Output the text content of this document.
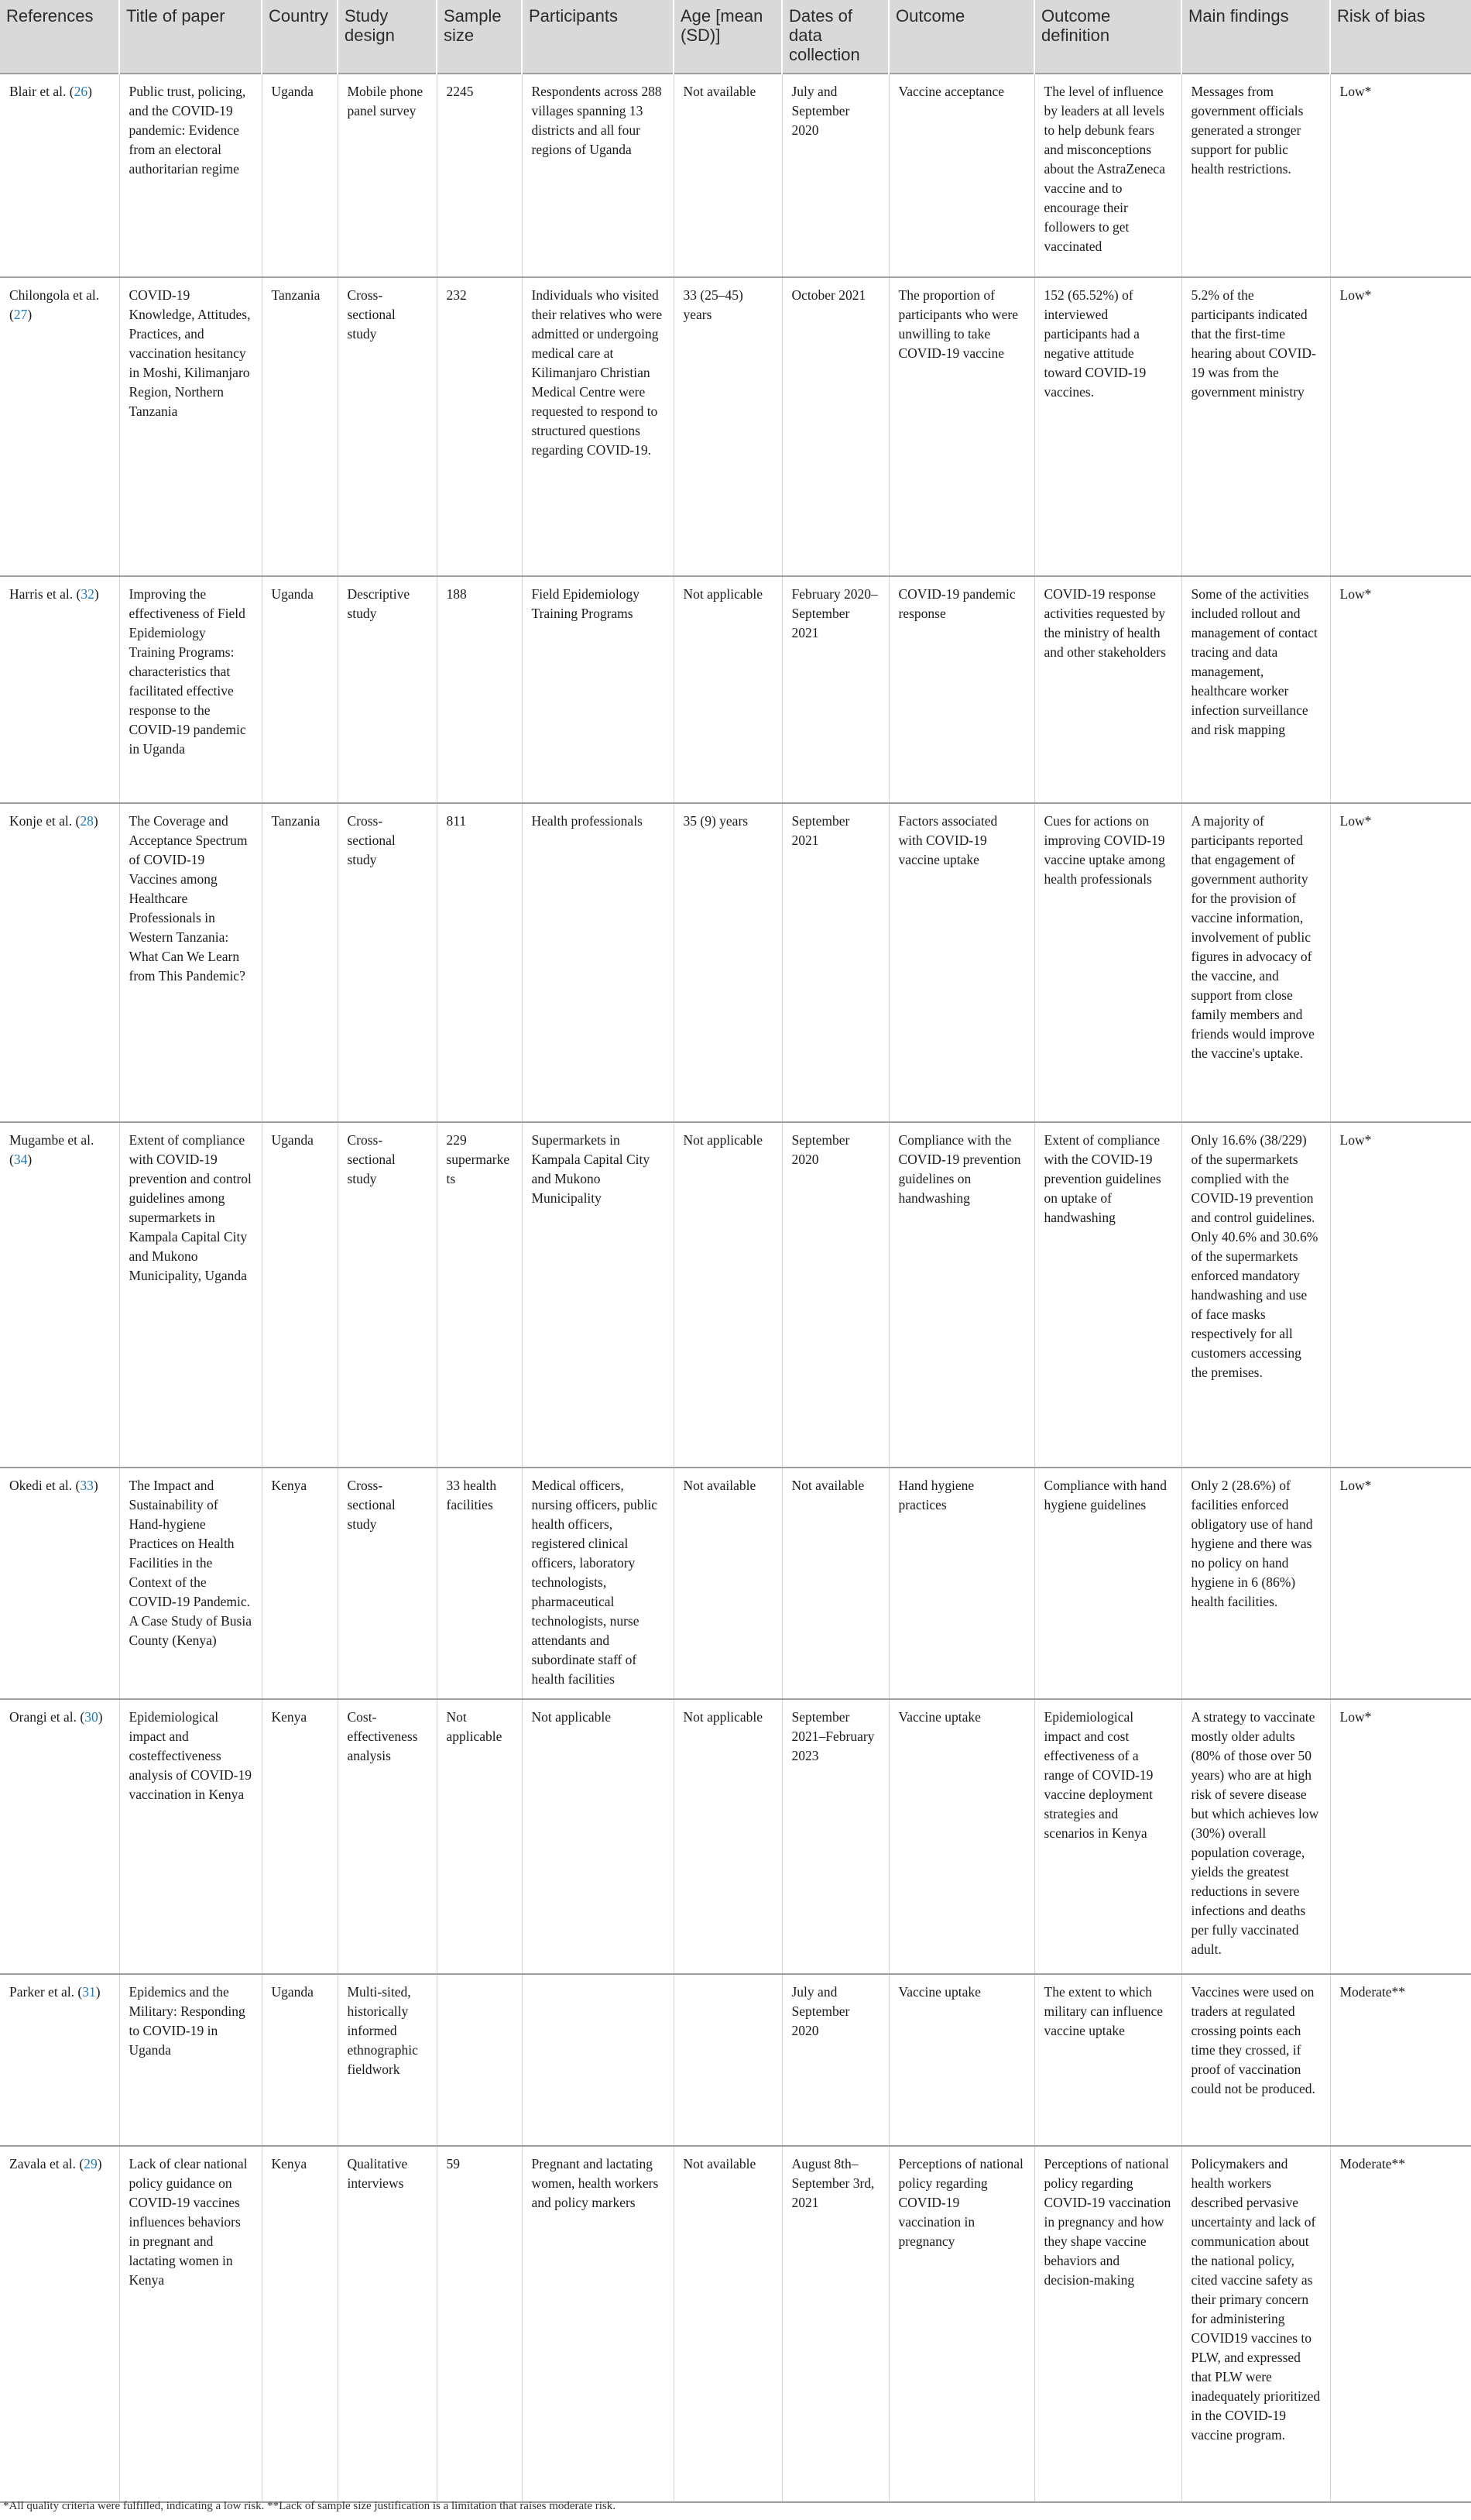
References	Title of paper	Country	Study design	Sample size	Participants	Age [mean (SD)]	Dates of data collection	Outcome	Outcome definition	Main findings	Risk of bias
Blair et al. (26)	Public trust, policing, and the COVID-19 pandemic: Evidence from an electoral authoritarian regime	Uganda	Mobile phone panel survey	2245	Respondents across 288 villages spanning 13 districts and all four regions of Uganda	Not available	July and September 2020	Vaccine acceptance	The level of influence by leaders at all levels to help debunk fears and misconceptions about the AstraZeneca vaccine and to encourage their followers to get vaccinated	Messages from government officials generated a stronger support for public health restrictions.	Low*
Chilongola et al. (27)	COVID-19 Knowledge, Attitudes, Practices, and vaccination hesitancy in Moshi, Kilimanjaro Region, Northern Tanzania	Tanzania	Cross-sectional study	232	Individuals who visited their relatives who were admitted or undergoing medical care at Kilimanjaro Christian Medical Centre were requested to respond to structured questions regarding COVID-19.	33 (25–45) years	October 2021	The proportion of participants who were unwilling to take COVID-19 vaccine	152 (65.52%) of interviewed participants had a negative attitude toward COVID-19 vaccines.	5.2% of the participants indicated that the first-time hearing about COVID-19 was from the government ministry	Low*
Harris et al. (32)	Improving the effectiveness of Field Epidemiology Training Programs: characteristics that facilitated effective response to the COVID-19 pandemic in Uganda	Uganda	Descriptive study	188	Field Epidemiology Training Programs	Not applicable	February 2020–September 2021	COVID-19 pandemic response	COVID-19 response activities requested by the ministry of health and other stakeholders	Some of the activities included rollout and management of contact tracing and data management, healthcare worker infection surveillance and risk mapping	Low*
Konje et al. (28)	The Coverage and Acceptance Spectrum of COVID-19 Vaccines among Healthcare Professionals in Western Tanzania: What Can We Learn from This Pandemic?	Tanzania	Cross-sectional study	811	Health professionals	35 (9) years	September 2021	Factors associated with COVID-19 vaccine uptake	Cues for actions on improving COVID-19 vaccine uptake among health professionals	A majority of participants reported that engagement of government authority for the provision of vaccine information, involvement of public figures in advocacy of the vaccine, and support from close family members and friends would improve the vaccine's uptake.	Low*
Mugambe et al. (34)	Extent of compliance with COVID-19 prevention and control guidelines among supermarkets in Kampala Capital City and Mukono Municipality, Uganda	Uganda	Cross-sectional study	229 supermarkets	Supermarkets in Kampala Capital City and Mukono Municipality	Not applicable	September 2020	Compliance with the COVID-19 prevention guidelines on handwashing	Extent of compliance with the COVID-19 prevention guidelines on uptake of handwashing	Only 16.6% (38/229) of the supermarkets complied with the COVID-19 prevention and control guidelines. Only 40.6% and 30.6% of the supermarkets enforced mandatory handwashing and use of face masks respectively for all customers accessing the premises.	Low*
Okedi et al. (33)	The Impact and Sustainability of Hand-hygiene Practices on Health Facilities in the Context of the COVID-19 Pandemic. A Case Study of Busia County (Kenya)	Kenya	Cross-sectional study	33 health facilities	Medical officers, nursing officers, public health officers, registered clinical officers, laboratory technologists, pharmaceutical technologists, nurse attendants and subordinate staff of health facilities	Not available	Not available	Hand hygiene practices	Compliance with hand hygiene guidelines	Only 2 (28.6%) of facilities enforced obligatory use of hand hygiene and there was no policy on hand hygiene in 6 (86%) health facilities.	Low*
Orangi et al. (30)	Epidemiological impact and costeffectiveness analysis of COVID-19 vaccination in Kenya	Kenya	Cost-effectiveness analysis	Not applicable	Not applicable	Not applicable	September 2021–February 2023	Vaccine uptake	Epidemiological impact and cost effectiveness of a range of COVID-19 vaccine deployment strategies and scenarios in Kenya	A strategy to vaccinate mostly older adults (80% of those over 50 years) who are at high risk of severe disease but which achieves low (30%) overall population coverage, yields the greatest reductions in severe infections and deaths per fully vaccinated adult.	Low*
Parker et al. (31)	Epidemics and the Military: Responding to COVID-19 in Uganda	Uganda	Multi-sited, historically informed ethnographic fieldwork				July and September 2020	Vaccine uptake	The extent to which military can influence vaccine uptake	Vaccines were used on traders at regulated crossing points each time they crossed, if proof of vaccination could not be produced.	Moderate**
Zavala et al. (29)	Lack of clear national policy guidance on COVID-19 vaccines influences behaviors in pregnant and lactating women in Kenya	Kenya	Qualitative interviews	59	Pregnant and lactating women, health workers and policy markers	Not available	August 8th–September 3rd, 2021	Perceptions of national policy regarding COVID-19 vaccination in pregnancy	Perceptions of national policy regarding COVID-19 vaccination in pregnancy and how they shape vaccine behaviors and decision-making	Policymakers and health workers described pervasive uncertainty and lack of communication about the national policy, cited vaccine safety as their primary concern for administering COVID19 vaccines to PLW, and expressed that PLW were inadequately prioritized in the COVID-19 vaccine program.	Moderate**
*All quality criteria were fulfilled, indicating a low risk. **Lack of sample size justification is a limitation that raises moderate risk.
